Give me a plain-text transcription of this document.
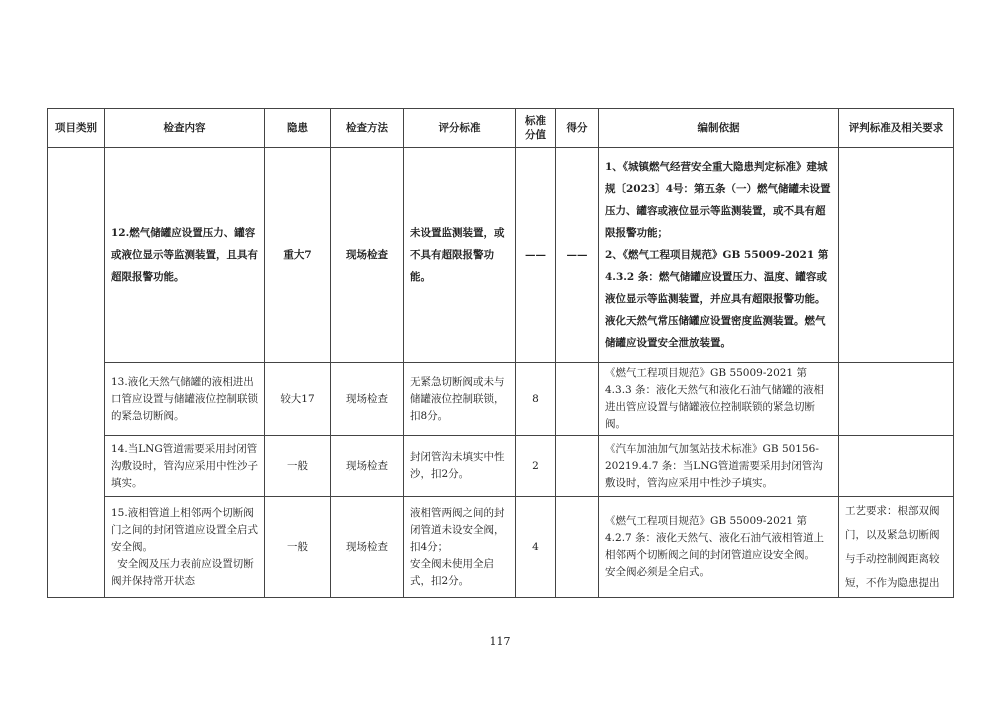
项目类别	检查内容	隐患	检查方法	评分标准	标准分值	得分	编制依据	评判标准及相关要求
	12.燃气储罐应设置压力、罐容或液位显示等监测装置，且具有超限报警功能。	重大7	现场检查	未设置监测装置，或不具有超限报警功能。	——	——	1、《城镇燃气经营安全重大隐患判定标准》建城规〔2023〕4号：第五条（一）燃气储罐未设置压力、罐容或液位显示等监测装置，或不具有超限报警功能；
2、《燃气工程项目规范》GB 55009-2021 第 4.3.2 条：燃气储罐应设置压力、温度、罐容或液位显示等监测装置，并应具有超限报警功能。液化天然气常压储罐应设置密度监测装置。燃气储罐应设置安全泄放装置。	

	13.液化天然气储罐的液相进出口管应设置与储罐液位控制联锁的紧急切断阀。	较大17	现场检查	无紧急切断阀或未与储罐液位控制联锁，扣8分。	8		《燃气工程项目规范》GB 55009-2021 第 4.3.3 条：液化天然气和液化石油气储罐的液相进出管应设置与储罐液位控制联锁的紧急切断阀。	
	14.当LNG管道需要采用封闭管沟敷设时，管沟应采用中性沙子填实。	一般	现场检查	封闭管沟未填实中性沙，扣2分。	2		《汽车加油加气加氢站技术标准》GB 50156-20219.4.7 条：当LNG管道需要采用封闭管沟敷设时，管沟应采用中性沙子填实。	

	15.液相管道上相邻两个切断阀门之间的封闭管道应设置全启式安全阀。
安全阀及压力表前应设置切断阀并保持常开状态	一般	现场检查	液相管两阀之间的封闭管道未设安全阀，扣4分；
安全阀未使用全启式，扣2分。	4		《燃气工程项目规范》GB 55009-2021 第 4.2.7 条：液化天然气、液化石油气液相管道上相邻两个切断阀之间的封闭管道应设安全阀。
安全阀必须是全启式。	工艺要求：根部双阀门，以及紧急切断阀与手动控制阀距离较短，不作为隐患提出
117
